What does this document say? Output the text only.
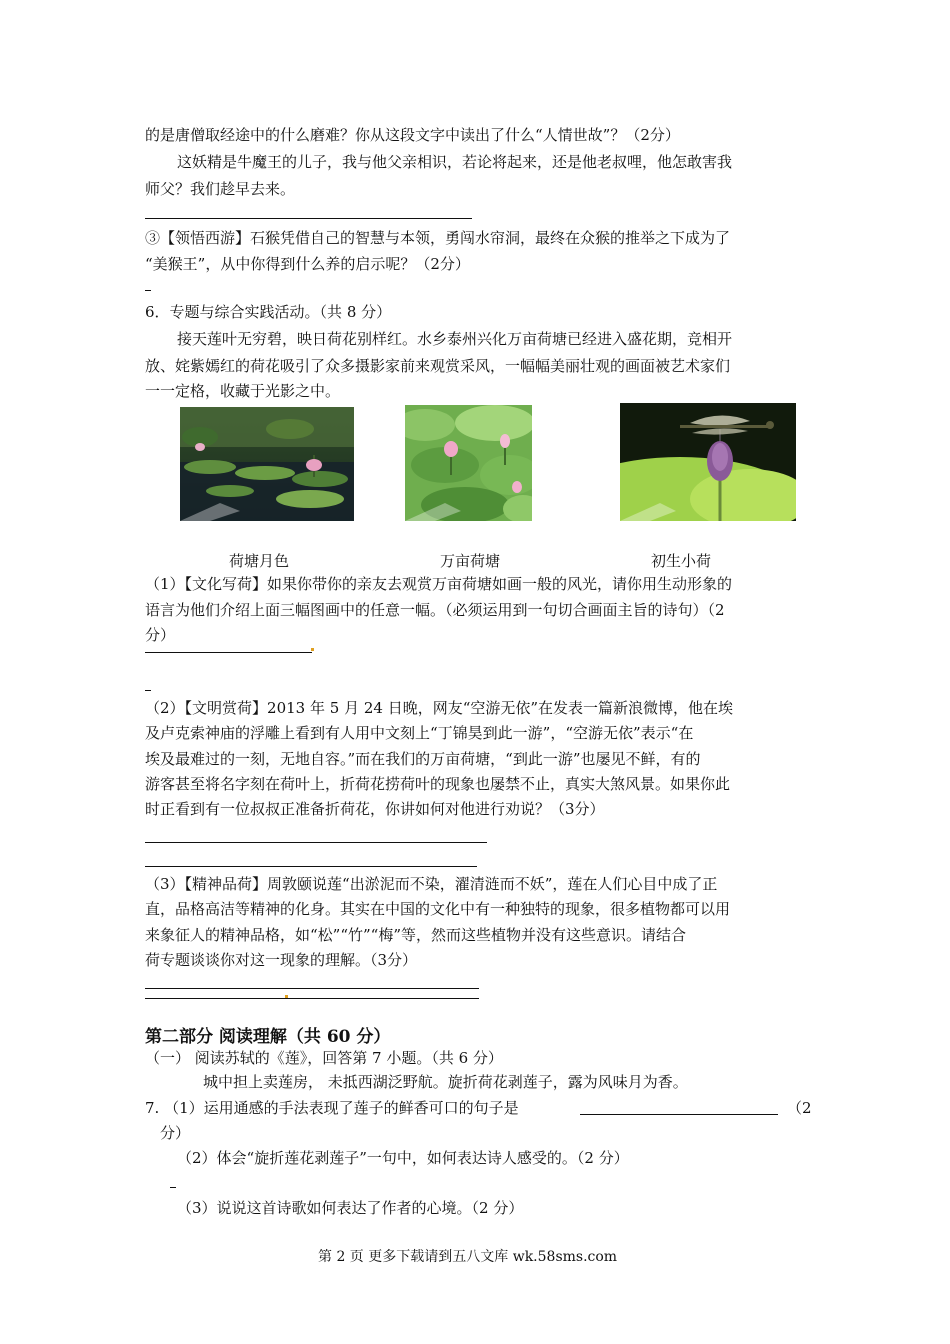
的是唐僧取经途中的什么磨难？你从这段文字中读出了什么“人情世故”？（2分）
这妖精是牛魔王的儿子，我与他父亲相识，若论将起来，还是他老叔哩，他怎敢害我
师父？我们趁早去来。
③【领悟西游】石猴凭借自己的智慧与本领，勇闯水帘洞，最终在众猴的推举之下成为了
“美猴王”，从中你得到什么养的启示呢？（2分）
6．专题与综合实践活动。（共 8 分）
接天莲叶无穷碧，映日荷花别样红。水乡泰州兴化万亩荷塘已经进入盛花期，竞相开
放、姹紫嫣红的荷花吸引了众多摄影家前来观赏采风，一幅幅美丽壮观的画面被艺术家们
一一定格，收藏于光影之中。
荷塘月色	万亩荷塘	初生小荷
（1）【文化写荷】如果你带你的亲友去观赏万亩荷塘如画一般的风光，请你用生动形象的
语言为他们介绍上面三幅图画中的任意一幅。（必须运用到一句切合画面主旨的诗句）（2
分）
（2）【文明赏荷】2013 年 5 月 24 日晚，网友“空游无依”在发表一篇新浪微博，他在埃
及卢克索神庙的浮雕上看到有人用中文刻上“丁锦昊到此一游”，“空游无依”表示“在
埃及最难过的一刻，无地自容。”而在我们的万亩荷塘，“到此一游”也屡见不鲜，有的
游客甚至将名字刻在荷叶上，折荷花捞荷叶的现象也屡禁不止，真实大煞风景。如果你此
时正看到有一位叔叔正准备折荷花，你讲如何对他进行劝说？（3分）
（3）【精神品荷】周敦颐说莲“出淤泥而不染，濯清涟而不妖”，莲在人们心目中成了正
直，品格高洁等精神的化身。其实在中国的文化中有一种独特的现象，很多植物都可以用
来象征人的精神品格，如“松”“竹”“梅”等，然而这些植物并没有这些意识。请结合
荷专题谈谈你对这一现象的理解。（3分）
第二部分 阅读理解（共 60 分）
（一） 阅读苏轼的《莲》，回答第 7 小题。（共 6 分）
城中担上卖莲房， 未抵西湖泛野航。旋折荷花剥莲子，露为风味月为香。
7. （1）运用通感的手法表现了莲子的鲜香可口的句子是	（2
分）
（2）体会“旋折莲花剥莲子”一句中，如何表达诗人感受的。（2 分）
（3）说说这首诗歌如何表达了作者的心境。（2 分）
第 2 页 更多下载请到五八文库 wk.58sms.com
